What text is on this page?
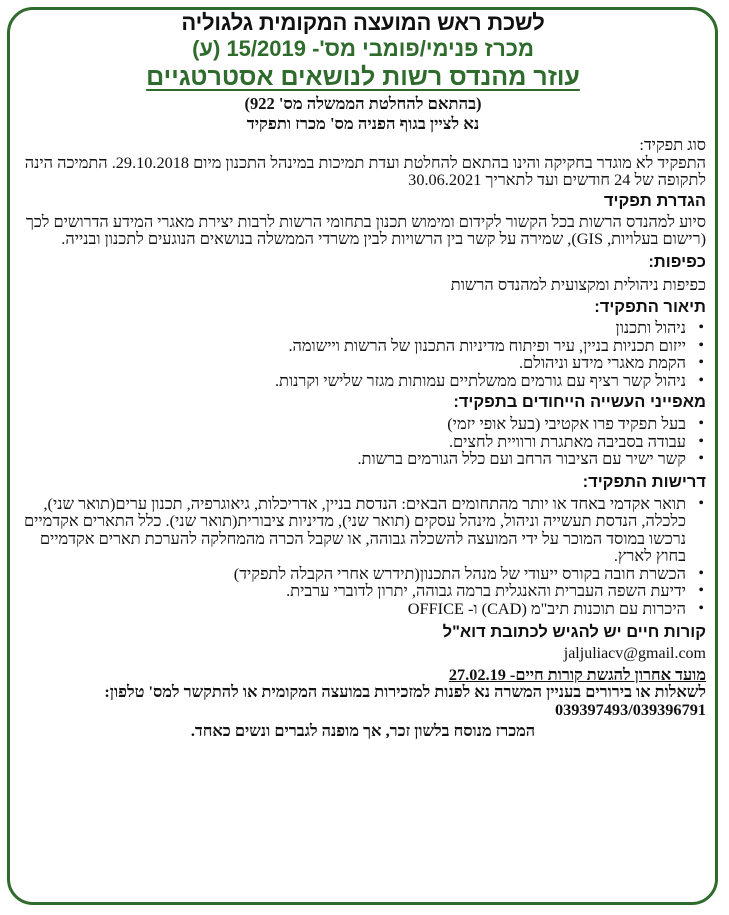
לשכת ראש המועצה המקומית גלגוליה
מכרז פנימי/פומבי מס'- 15/2019 (ע)
עוזר מהנדס רשות לנושאים אסטרטגיים
(בהתאם להחלטת הממשלה מס' 922)
נא לציין בגוף הפניה מס' מכרז ותפקיד
סוג תפקיד:
התפקיד לא מוגדר בחקיקה והינו בהתאם להחלטת ועדת תמיכות במינהל התכנון מיום 29.10.2018. התמיכה הינה לתקופה של 24 חודשים ועד לתאריך 30.06.2021
הגדרת תפקיד
סיוע למהנדס הרשות בכל הקשור לקידום ומימוש תכנון בתחומי הרשות לרבות יצירת מאגרי המידע הדרושים לכך (רישום בעלויות, GIS), שמירה על קשר בין הרשויות לבין משרדי הממשלה בנושאים הנוגעים לתכנון ובנייה.
כפיפות:
כפיפות ניהולית ומקצועית למהנדס הרשות
תיאור התפקיד:
• ניהול ותכנון
• ייזום תכניות בניין, עיר ופיתוח מדיניות התכנון של הרשות ויישומה.
• הקמת מאגרי מידע וניהולם.
• ניהול קשר רציף עם גורמים ממשלתיים עמותות מגזר שלישי וקרנות.
מאפייני העשייה הייחודים בתפקיד:
• בעל תפקיד פרו אקטיבי (בעל אופי יזמי)
• עבודה בסביבה מאתגרת ורוויית לחצים.
• קשר ישיר עם הציבור הרחב ועם כלל הגורמים ברשות.
דרישות התפקיד:
• תואר אקדמי באחד או יותר מהתחומים הבאים: הנדסת בניין, אדריכלות, גיאוגרפיה, תכנון ערים(תואר שני), כלכלה, הנדסת תעשייה וניהול, מינהל עסקים (תואר שני), מדיניות ציבורית(תואר שני). כלל התארים אקדמיים נרכשו במוסד המוכר על ידי המועצה להשכלה גבוהה, או שקבל הכרה מהמחלקה להערכת תארים אקדמיים בחוץ לארץ.
• הכשרת חובה בקורס ייעודי של מנהל התכנון(תידרש אחרי הקבלה לתפקיד)
• ידיעת השפה העברית והאנגלית ברמה גבוהה, יתרון לדוברי ערבית.
• היכרות עם תוכנות תיב"מ (CAD) ו- OFFICE
קורות חיים יש להגיש לכתובת דוא"ל
jaljuliacv@gmail.com
מועד אחרון להגשת קורות חיים- 27.02.19
לשאלות או בירורים בעניין המשרה נא לפנות למזכירות במועצה המקומית או להתקשר למס' טלפון: 039397493/039396791
המכרז מנוסח בלשון זכר, אך מופנה לגברים ונשים כאחד.
